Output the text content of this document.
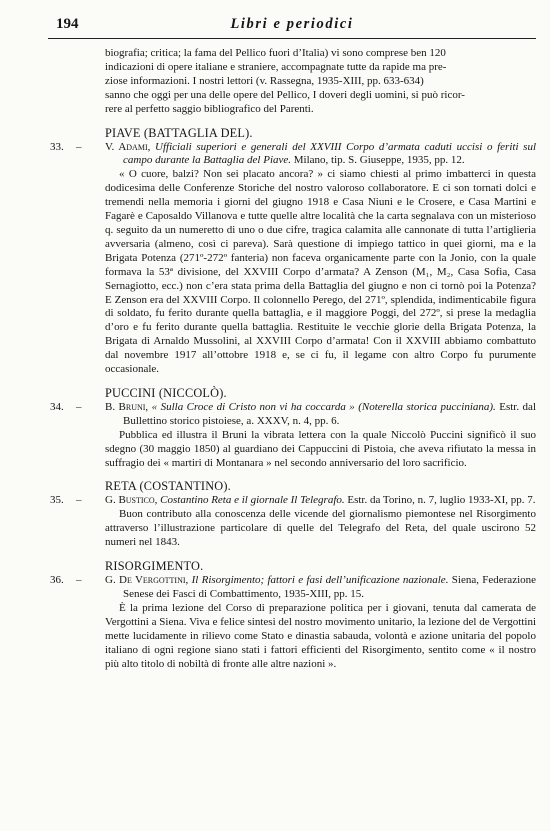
194	Libri e periodici

biografia; critica; la fama del Pellico fuori d’Italia) vi sono comprese ben 120

indicazioni di opere italiane e straniere, accompagnate tutte da rapide ma pre-

ziose informazioni. I nostri lettori (v. Rassegna, 1935-XIII, pp. 633-634)

sanno che oggi per una delle opere del Pellico, I doveri degli uomini, si può ricor-

rere al perfetto saggio bibliografico del Parenti.

PIAVE (BATTAGLIA DEL).
33. – V. Adami, Ufficiali superiori e generali del XXVIII Corpo d’armata caduti uccisi o feriti sul campo durante la Battaglia del Piave. Milano, tip. S. Giuseppe, 1935, pp. 12.

« O cuore, balzi? Non sei placato ancora? » ci siamo chiesti al primo imbatterci in questa dodicesima delle Conferenze Storiche del nostro valoroso collaboratore. E ci son tornati dolci e tremendi nella memoria i giorni del giugno 1918 e Casa Niuni e le Crosere, e Casa Martini e Fagarè e Caposaldo Villanova e tutte quelle altre località che la carta segnalava con un misterioso q. seguito da un numeretto di uno o due cifre, tragica calamita alle cannonate di tutta l’artiglieria avversaria (almeno, così ci pareva). Sarà questione di impiego tattico in quei giorni, ma e la Brigata Potenza (271º-272º fanteria) non faceva organicamente parte con la Jonio, con la quale formava la 53ª divisione, del XXVIII Corpo d’armata? A Zenson (M₁, M₂, Casa Sofia, Casa Sernagiotto, ecc.) non c’era stata prima della Battaglia del giugno e non ci tornò poi la Potenza? E Zenson era del XXVIII Corpo. Il colonnello Perego, del 271º, splendida, indimenticabile figura di soldato, fu ferito durante quella battaglia, e il maggiore Poggi, del 272º, si prese la medaglia d’oro e fu ferito durante quella battaglia. Restituite le vecchie glorie della Brigata Potenza, la Brigata di Arnaldo Mussolini, al XXVIII Corpo d’armata! Con il XXVIII abbiamo combattuto dal novembre 1917 all’ottobre 1918 e, se ci fu, il legame con altro Corpo fu purumente occasionale.

PUCCINI (NICCOLÒ).
34. – B. Bruni, « Sulla Croce di Cristo non vi ha coccarda » (Noterella storica pucciniana). Estr. dal Bullettino storico pistoiese, a. XXXV, n. 4, pp. 6.

Pubblica ed illustra il Bruni la vibrata lettera con la quale Niccolò Puccini significò il suo sdegno (30 maggio 1850) al guardiano dei Cappuccini di Pistoia, che aveva rifiutato la messa in suffragio dei « martiri di Montanara » nel secondo anniversario del loro sacrificio.

RETA (COSTANTINO).
35. – G. Bustico, Costantino Reta e il giornale Il Telegrafo. Estr. da Torino, n. 7, luglio 1933-XI, pp. 7.

Buon contributo alla conoscenza delle vicende del giornalismo piemontese nel Risorgimento attraverso l’illustrazione particolare di quelle del Telegrafo del Reta, del quale uscirono 52 numeri nel 1843.

RISORGIMENTO.
36. – G. De Vergottini, Il Risorgimento; fattori e fasi dell’unificazione nazionale. Siena, Federazione Senese dei Fasci di Combattimento, 1935-XIII, pp. 15.

È la prima lezione del Corso di preparazione politica per i giovani, tenuta dal camerata de Vergottini a Siena. Viva e felice sintesi del nostro movimento unitario, la lezione del de Vergottini mette lucidamente in rilievo come Stato e dinastia sabauda, volontà e azione unitaria del popolo italiano di ogni regione siano stati i fattori efficienti del Risorgimento, sentito come « il nostro più alto titolo di nobiltà di fronte alle altre nazioni ».
